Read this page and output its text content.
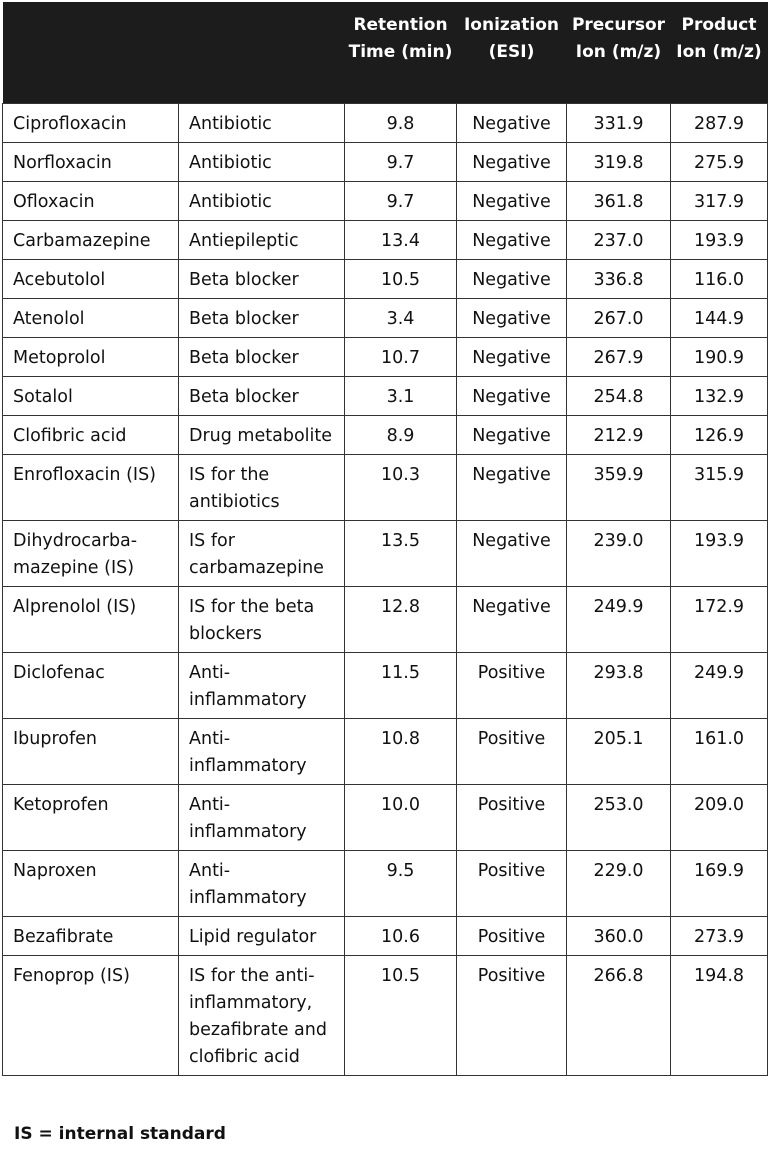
		Retention Time (min)	Ionization (ESI)	Precursor Ion (m/z)	Product Ion (m/z)
Ciprofloxacin	Antibiotic	9.8	Negative	331.9	287.9
Norfloxacin	Antibiotic	9.7	Negative	319.8	275.9
Ofloxacin	Antibiotic	9.7	Negative	361.8	317.9
Carbamazepine	Antiepileptic	13.4	Negative	237.0	193.9
Acebutolol	Beta blocker	10.5	Negative	336.8	116.0
Atenolol	Beta blocker	3.4	Negative	267.0	144.9
Metoprolol	Beta blocker	10.7	Negative	267.9	190.9
Sotalol	Beta blocker	3.1	Negative	254.8	132.9
Clofibric acid	Drug metabolite	8.9	Negative	212.9	126.9
Enrofloxacin (IS)	IS for the antibiotics	10.3	Negative	359.9	315.9
Dihydrocarba-mazepine (IS)	IS for carbamazepine	13.5	Negative	239.0	193.9
Alprenolol (IS)	IS for the beta blockers	12.8	Negative	249.9	172.9
Diclofenac	Anti-inflammatory	11.5	Positive	293.8	249.9
Ibuprofen	Anti-inflammatory	10.8	Positive	205.1	161.0
Ketoprofen	Anti-inflammatory	10.0	Positive	253.0	209.0
Naproxen	Anti-inflammatory	9.5	Positive	229.0	169.9
Bezafibrate	Lipid regulator	10.6	Positive	360.0	273.9
Fenoprop (IS)	IS for the anti-inflammatory, bezafibrate and clofibric acid	10.5	Positive	266.8	194.8
IS = internal standard
